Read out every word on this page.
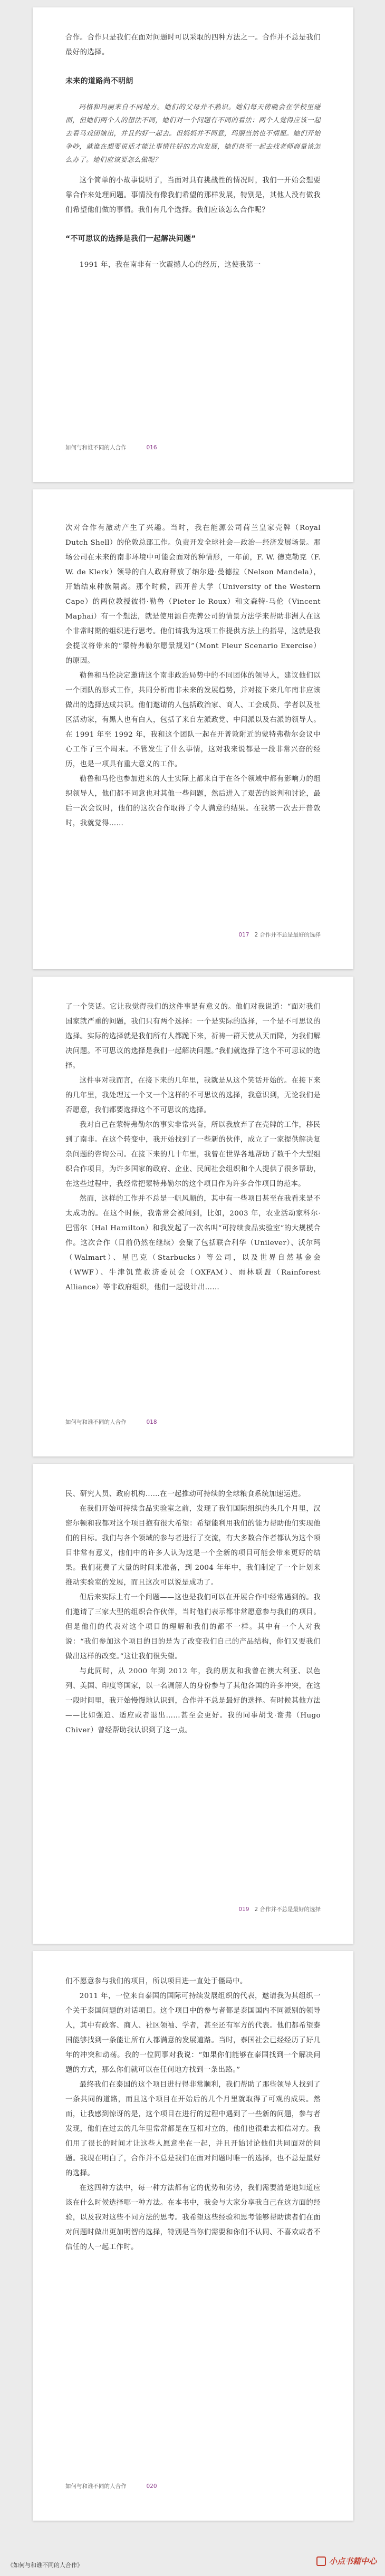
合作。合作只是我们在面对问题时可以采取的四种方法之一。合作并不总是我们最好的选择。

未来的道路尚不明朗

玛格和玛丽来自不同地方。她们的父母并不熟识。她们每天傍晚会在学校里碰面，但她们两个人的想法不同，她们对一个问题有不同的看法：两个人觉得应该一起去看马戏团演出，并且约好一起去。但妈妈并不同意，玛丽当然也不情愿。她们开始争吵，就谁在想要说话才能让事情往好的方向发展，她们甚至一起去找老师商量该怎么办了。她们应该要怎么做呢？

这个简单的小故事说明了，当面对具有挑战性的情况时，我们一开始会想要靠合作来处理问题。事情没有像我们希望的那样发展，特别是，其他人没有做我们希望他们做的事情。我们有几个选择。我们应该怎么合作呢？

“不可思议的选择是我们一起解决问题”

1991 年，我在南非有一次震撼人心的经历，这使我第一

如何与和谁不同的人合作	016

次对合作有激动产生了兴趣。当时，我在能源公司荷兰皇家壳牌（Royal Dutch Shell）的伦敦总部工作。负责开发全球社会—政治—经济发展场景。那场公司在未来的南非环境中可能会面对的种情形，一年前，F. W. 德克勒克（F. W. de Klerk）领导的白人政府释放了纳尔逊·曼德拉（Nelson Mandela），开始结束种族隔离。那个时候，西开普大学（University of the Western Cape）的两位教授彼得·勒鲁（Pieter le Roux）和文森特·马伦（Vincent Maphai）有一个想法，就是使用源自壳牌公司的情景方法学来帮助非洲人在这个非常时期的组织进行思考。他们请我为这项工作提供方法上的指导，这就是我会提议将带来的“蒙特弗勒尔愿景规划”（Mont Fleur Scenario Exercise）的原因。

勒鲁和马伦决定邀请这个南非政治局势中的不同团体的领导人，建议他们以一个团队的形式工作，共同分析南非未来的发展趋势，并对接下来几年南非应该做出的选择达成共识。他们邀请的人包括政治家、商人、工会成员、学者以及社区活动家，有黑人也有白人，包括了来自左派政党、中间派以及右派的领导人。在 1991 年至 1992 年，我和这个团队一起在开普敦附近的蒙特弗勒尔会议中心工作了三个周末。不管发生了什么事情，这对我来说都是一段非常兴奋的经历，也是一项具有重大意义的工作。

勒鲁和马伦也参加进来的人士实际上都来自于在各个领域中都有影响力的组织领导人，他们都不同意也对其他一些问题，然后进入了艰苦的谈判和讨论，最后一次会议时，他们的这次合作取得了令人满意的结果。在我第一次去开普敦时，我就觉得……

017 2 合作并不总是最好的选择

了一个笑话。它让我觉得我们的这件事是有意义的。他们对我说道：“面对我们国家就严重的问题，我们只有两个选择：一个是实际的选择，一个是不可思议的选择。实际的选择就是我们所有人都跪下来，祈祷一群天使从天而降，为我们解决问题。不可思议的选择是我们一起解决问题。”我们就选择了这个不可思议的选择。

这件事对我而言，在接下来的几年里，我就是从这个笑话开始的。在接下来的几年里，我处理过一个又一个这样的不可思议的选择，我意识到，无论我们是否愿意，我们都要选择这个不可思议的选择。

我对自己在蒙特弗勒尔的事实非常兴奋，所以我放弃了在壳牌的工作，移民到了南非。在这个转变中，我开始找到了一些新的伙伴，成立了一家提供解决复杂问题的咨询公司。在接下来的几十年里，我曾在世界各地帮助了数千个大型组织合作项目，为许多国家的政府、企业、民间社会组织和个人提供了很多帮助，在这些过程中，我经常把蒙特弗勒尔的这个项目作为许多合作项目的范本。

然而，这样的工作并不总是一帆风顺的，其中有一些项目甚至在我看来是不太成功的。在这个时候，我常常会被问到，比如，2003 年，农业活动家科尔·巴雷尔（Hal Hamilton）和我发起了一次名叫“可持续食品实验室”的大规模合作。这次合作（目前仍然在继续）会聚了包括联合利华（Unilever）、沃尔玛（Walmart）、星巴克（Starbucks）等公司，以及世界自然基金会（WWF）、牛津饥荒救济委员会（OXFAM）、雨林联盟（Rainforest Alliance）等非政府组织，他们一起设计出……

如何与和谁不同的人合作	018

民、研究人员、政府机构……在一起推动可持续的全球粮食系统加速运进。

在我们开始可持续食品实验室之前，发现了我们国际组织的头几个月里，汉密尔顿和我都对这个项目抱有很大希望：希望能利用我们的能力帮助他们实现他们的目标。我们与各个领域的参与者进行了交流，有大多数合作者都认为这个项目非常有意义，他们中的许多人认为这是一个全新的项目可能会带来更好的结果。我们花费了大量的时间来准备，到 2004 年年中，我们制定了一个计划来推动实验室的发展，而且这次可以说是成功了。

但后来实际上有一个问题——这也是我们可以在开展合作中经常遇到的。我们邀请了三家大型的组织合作伙伴，当时他们表示都非常愿意参与我们的项目。但是他们的代表对这个项目的理解和我们的都不一样。其中有一个人对我说：“我们参加这个项目的目的是为了改变我们自己的产品结构，你们又要我们做出这样的改变。”这让我们很失望。

与此同时，从 2000 年到 2012 年，我的朋友和我曾在澳大利亚、以色列、美国、印度等国家，以一名调解人的身份参与了其他各国的许多冲突，在这一段时间里，我开始慢慢地认识到，合作并不总是最好的选择。有时候其他方法——比如强迫、适应或者退出……甚至会更好。我的同事胡戈·谢弗（Hugo Chiver）曾经帮助我认识到了这一点。

019 2 合作并不总是最好的选择

们不愿意参与我们的项目，所以项目进一直处于僵局中。

2011 年，一位来自泰国的国际可持续发展组织的代表，邀请我为其组织一个关于泰国问题的对话项目。这个项目中的参与者都是泰国国内不同派别的领导人，其中有政客、商人、社区领袖、学者，甚至还有军方的代表。他们都希望泰国能够找到一条能让所有人都满意的发展道路。当时，泰国社会已经经历了好几年的冲突和动荡。我的一位同事对我说：“如果你们能够在泰国找到一个解决问题的方式，那么你们就可以在任何地方找到一条出路。”

最终我们在泰国的这个项目进行得非常顺利，我们帮助了那些领导人找到了一条共同的道路，而且这个项目在开始后的几个月里就取得了可观的成果。然而，让我感到惊讶的是，这个项目在进行的过程中遇到了一些新的问题，参与者发现，他们在过去的几年里常常都是在互相对立的，他们也很难去相信对方。我们用了很长的时间才让这些人愿意坐在一起，并且开始讨论他们共同面对的问题。我现在明白了，合作并不总是我们在面对问题时唯一的选择，也不总是最好的选择。

在这四种方法中，每一种方法都有它的优势和劣势，我们需要清楚地知道应该在什么时候选择哪一种方法。在本书中，我会与大家分享我自己在这方面的经验，以及我对这些不同方法的思考。我希望这些经验和思考能够帮助读者们在面对问题时做出更加明智的选择，特别是当你们需要和你们不认同、不喜欢或者不信任的人一起工作时。

如何与和谁不同的人合作	020
《如何与和谁不同的人合作》	小点书籍中心
